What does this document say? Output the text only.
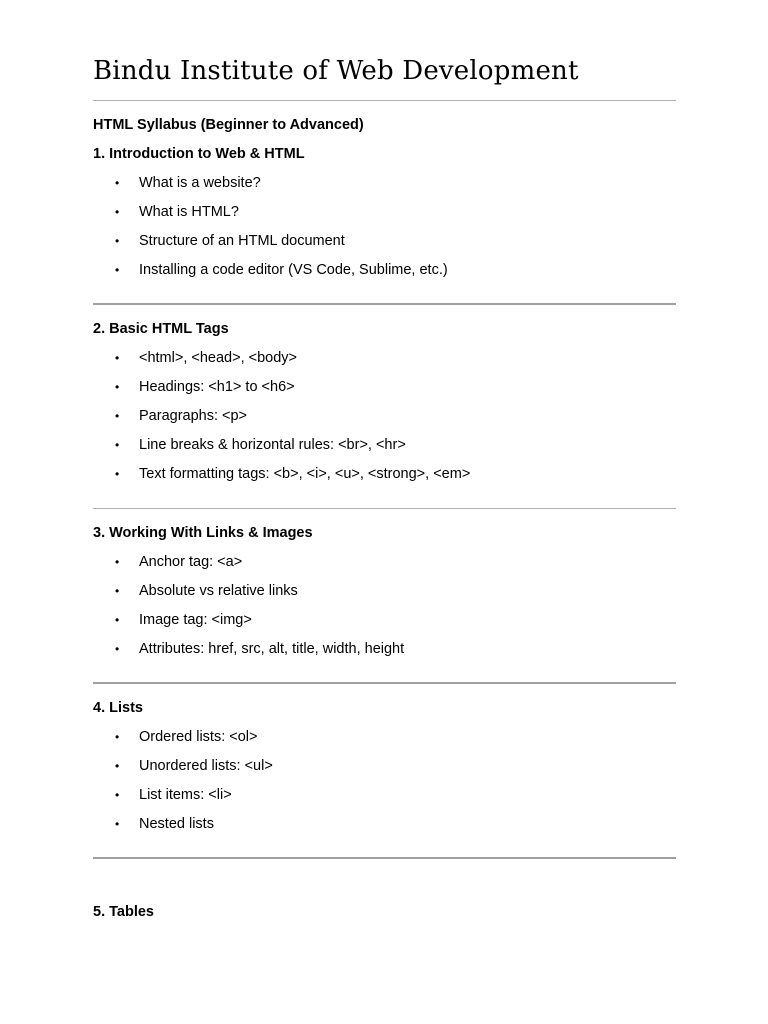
Bindu Institute of Web Development

HTML Syllabus (Beginner to Advanced)

1. Introduction to Web & HTML

•	What is a website?
•	What is HTML?
•	Structure of an HTML document
•	Installing a code editor (VS Code, Sublime, etc.)

2. Basic HTML Tags

•	<html>, <head>, <body>
•	Headings: <h1> to <h6>
•	Paragraphs: <p>
•	Line breaks & horizontal rules: <br>, <hr>
•	Text formatting tags: <b>, <i>, <u>, <strong>, <em>

3. Working With Links & Images

•	Anchor tag: <a>
•	Absolute vs relative links
•	Image tag: <img>
•	Attributes: href, src, alt, title, width, height

4. Lists

•	Ordered lists: <ol>
•	Unordered lists: <ul>
•	List items: <li>
•	Nested lists

5. Tables
